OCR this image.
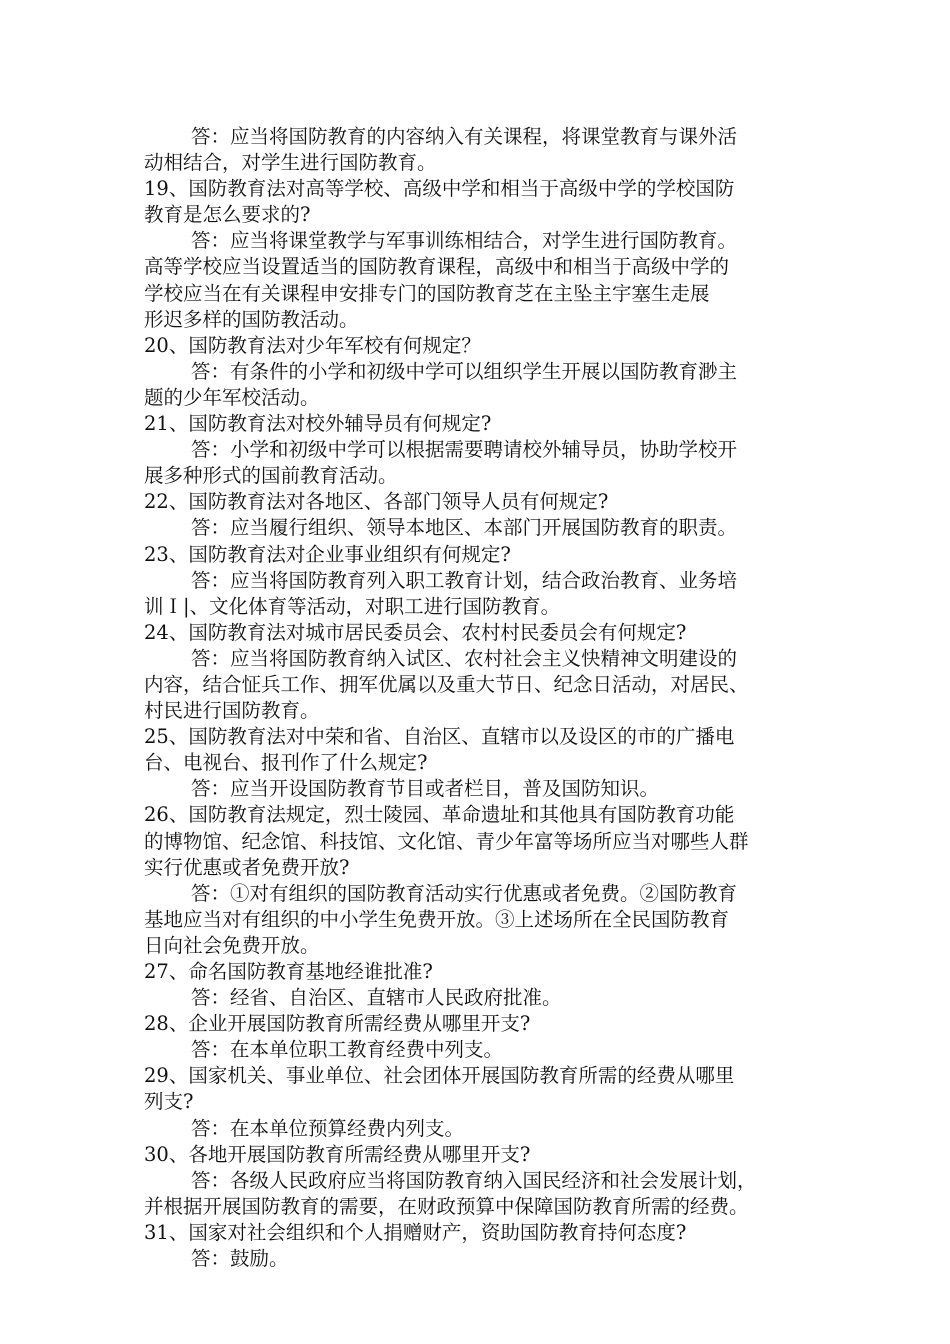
答：应当将国防教育的内容纳入有关课程，将课堂教育与课外活
动相结合，对学生进行国防教育。
19、国防教育法对高等学校、高级中学和相当于高级中学的学校国防
教育是怎么要求的?
答：应当将课堂教学与军事训练相结合，对学生进行国防教育。
高等学校应当设置适当的国防教育课程，高级中和相当于高级中学的
学校应当在有关课程申安排专门的国防教育芝在主坠主宇塞生走展
形迟多样的国防教活动。
20、国防教育法对少年军校有何规定？
答：有条件的小学和初级中学可以组织学生开展以国防教育渺主
题的少年军校活动。
21、国防教育法对校外辅导员有何规定?
答：小学和初级中学可以根据需要聘请校外辅导员，协助学校开
展多种形式的国前教育活动。
22、国防教育法对各地区、各部门领导人员有何规定?
答：应当履行组织、领导本地区、本部门开展国防教育的职责。
23、国防教育法对企业事业组织有何规定?
答：应当将国防教育列入职工教育计划，结合政治教育、业务培
训Ｉ|、文化体育等活动，对职工进行国防教育。
24、国防教育法对城市居民委员会、农村村民委员会有何规定?
答：应当将国防教育纳入试区、农村社会主义快精神文明建设的
内容，结合怔兵工作、拥军优属以及重大节日、纪念日活动，对居民、
村民进行国防教育。
25、国防教育法对中荣和省、自治区、直辖市以及设区的市的广播电
台、电视台、报刊作了什么规定?
答：应当开设国防教育节目或者栏目，普及国防知识。
26、国防教育法规定，烈士陵园、革命遗址和其他具有国防教育功能
的博物馆、纪念馆、科技馆、文化馆、青少年富等场所应当对哪些人群
实行优惠或者免费开放?
答：①对有组织的国防教育活动实行优惠或者免费。②国防教育
基地应当对有组织的中小学生免费开放。③上述场所在全民国防教育
日向社会免费开放。
27、命名国防教育基地经谁批准?
答：经省、自治区、直辖市人民政府批准。
28、企业开展国防教育所需经费从哪里开支?
答：在本单位职工教育经费中列支。
29、国家机关、事业单位、社会团体开展国防教育所需的经费从哪里
列支?
答：在本单位预算经费内列支。
30、各地开展国防教育所需经费从哪里开支?
答：各级人民政府应当将国防教育纳入国民经济和社会发展计划，
并根据开展国防教育的需要，在财政预算中保障国防教育所需的经费。
31、国家对社会组织和个人捐赠财产，资助国防教育持何态度?
答：鼓励。
